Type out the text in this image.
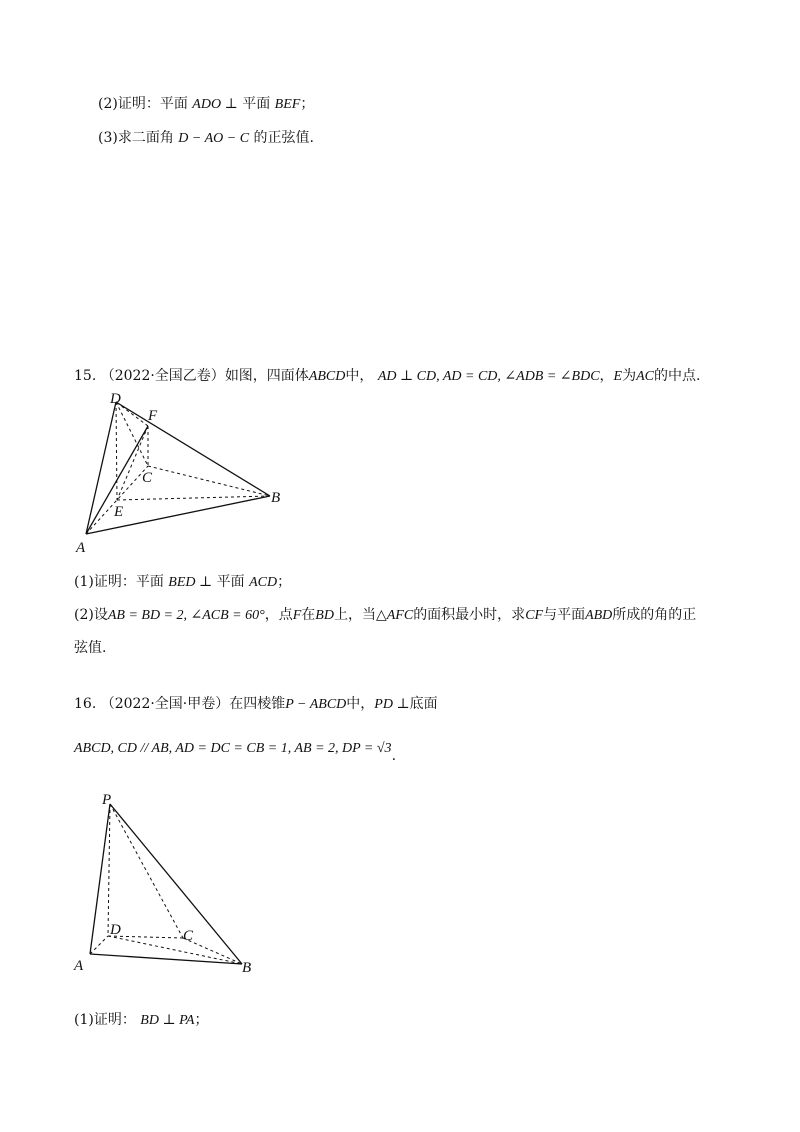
(2)证明：平面 ADO ⊥ 平面 BEF；
(3)求二面角 D − AO − C 的正弦值.
15. （2022·全国乙卷）如图，四面体ABCD中， AD ⊥ CD, AD = CD, ∠ADB = ∠BDC，E为AC的中点.
D
F
C
B
E
A
(1)证明：平面 BED ⊥ 平面 ACD；
(2)设AB = BD = 2, ∠ACB = 60°，点F在BD上，当△AFC的面积最小时，求CF与平面ABD所成的角的正
弦值.
16. （2022·全国·甲卷）在四棱锥P − ABCD中，PD ⊥底面
ABCD, CD // AB, AD = DC = CB = 1, AB = 2, DP = √3.
P
D	C
A	B
(1)证明： BD ⊥ PA；
